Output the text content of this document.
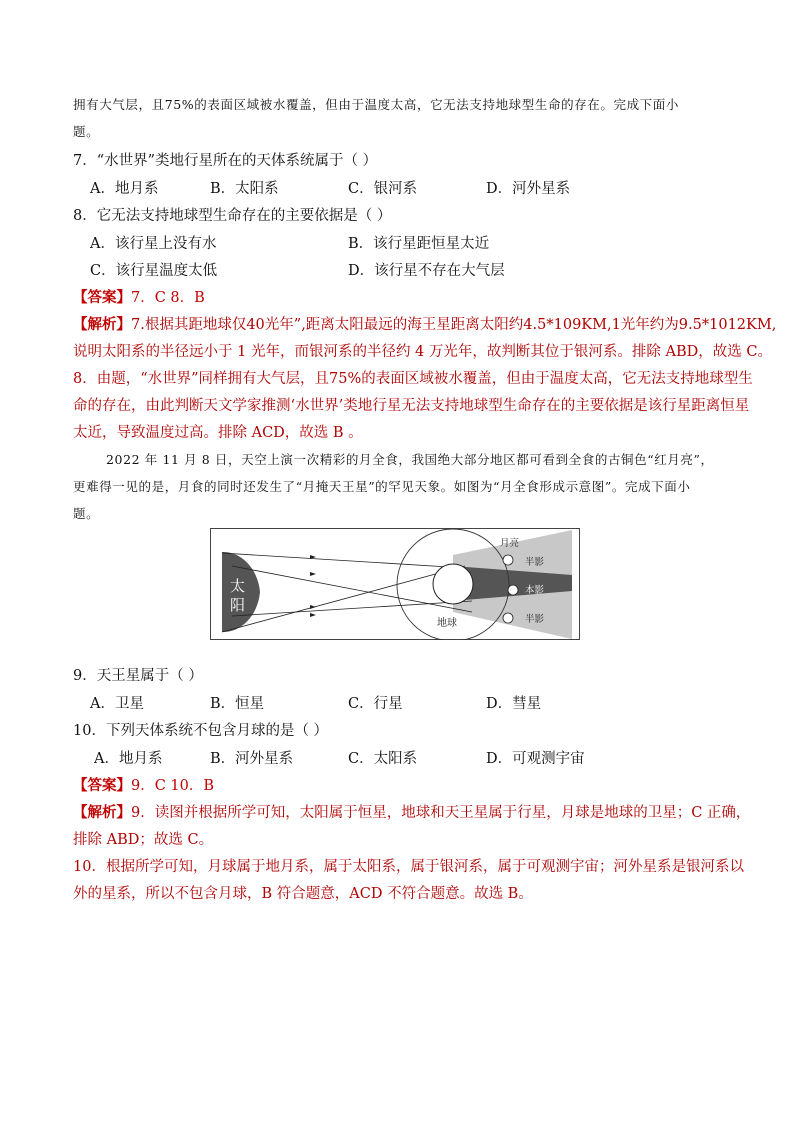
拥有大气层，且75%的表面区域被水覆盖，但由于温度太高，它无法支持地球型生命的存在。完成下面小
题。
7．“水世界”类地行星所在的天体系统属于（ ）
A．地月系	B．太阳系	C．银河系	D．河外星系
8．它无法支持地球型生命存在的主要依据是（ ）
A．该行星上没有水	B．该行星距恒星太近
C．该行星温度太低	D．该行星不存在大气层
【答案】7．C 8．B
【解析】7.根据其距地球仅40光年”,距离太阳最远的海王星距离太阳约4.5*109KM,1光年约为9.5*1012KM,
说明太阳系的半径远小于 1 光年，而银河系的半径约 4 万光年，故判断其位于银河系。排除 ABD，故选 C。
8．由题，“水世界”同样拥有大气层，且75%的表面区域被水覆盖，但由于温度太高，它无法支持地球型生
命的存在，由此判断天文学家推测‘水世界’类地行星无法支持地球型生命存在的主要依据是该行星距离恒星
太近，导致温度过高。排除 ACD，故选 B 。
2022 年 11 月 8 日，天空上演一次精彩的月全食，我国绝大部分地区都可看到全食的古铜色“红月亮”，
更难得一见的是，月食的同时还发生了“月掩天王星”的罕见天象。如图为“月全食形成示意图”。完成下面小
题。
太
阳
地球
月亮
半影
本影
半影
9．天王星属于（ ）
A．卫星	B．恒星	C．行星	D．彗星
10．下列天体系统不包含月球的是（ ）
A．地月系	B．河外星系	C．太阳系	D．可观测宇宙
【答案】9．C 10．B
【解析】9．读图并根据所学可知，太阳属于恒星，地球和天王星属于行星，月球是地球的卫星；C 正确，
排除 ABD；故选 C。
10．根据所学可知，月球属于地月系，属于太阳系，属于银河系，属于可观测宇宙；河外星系是银河系以
外的星系，所以不包含月球，B 符合题意，ACD 不符合题意。故选 B。
